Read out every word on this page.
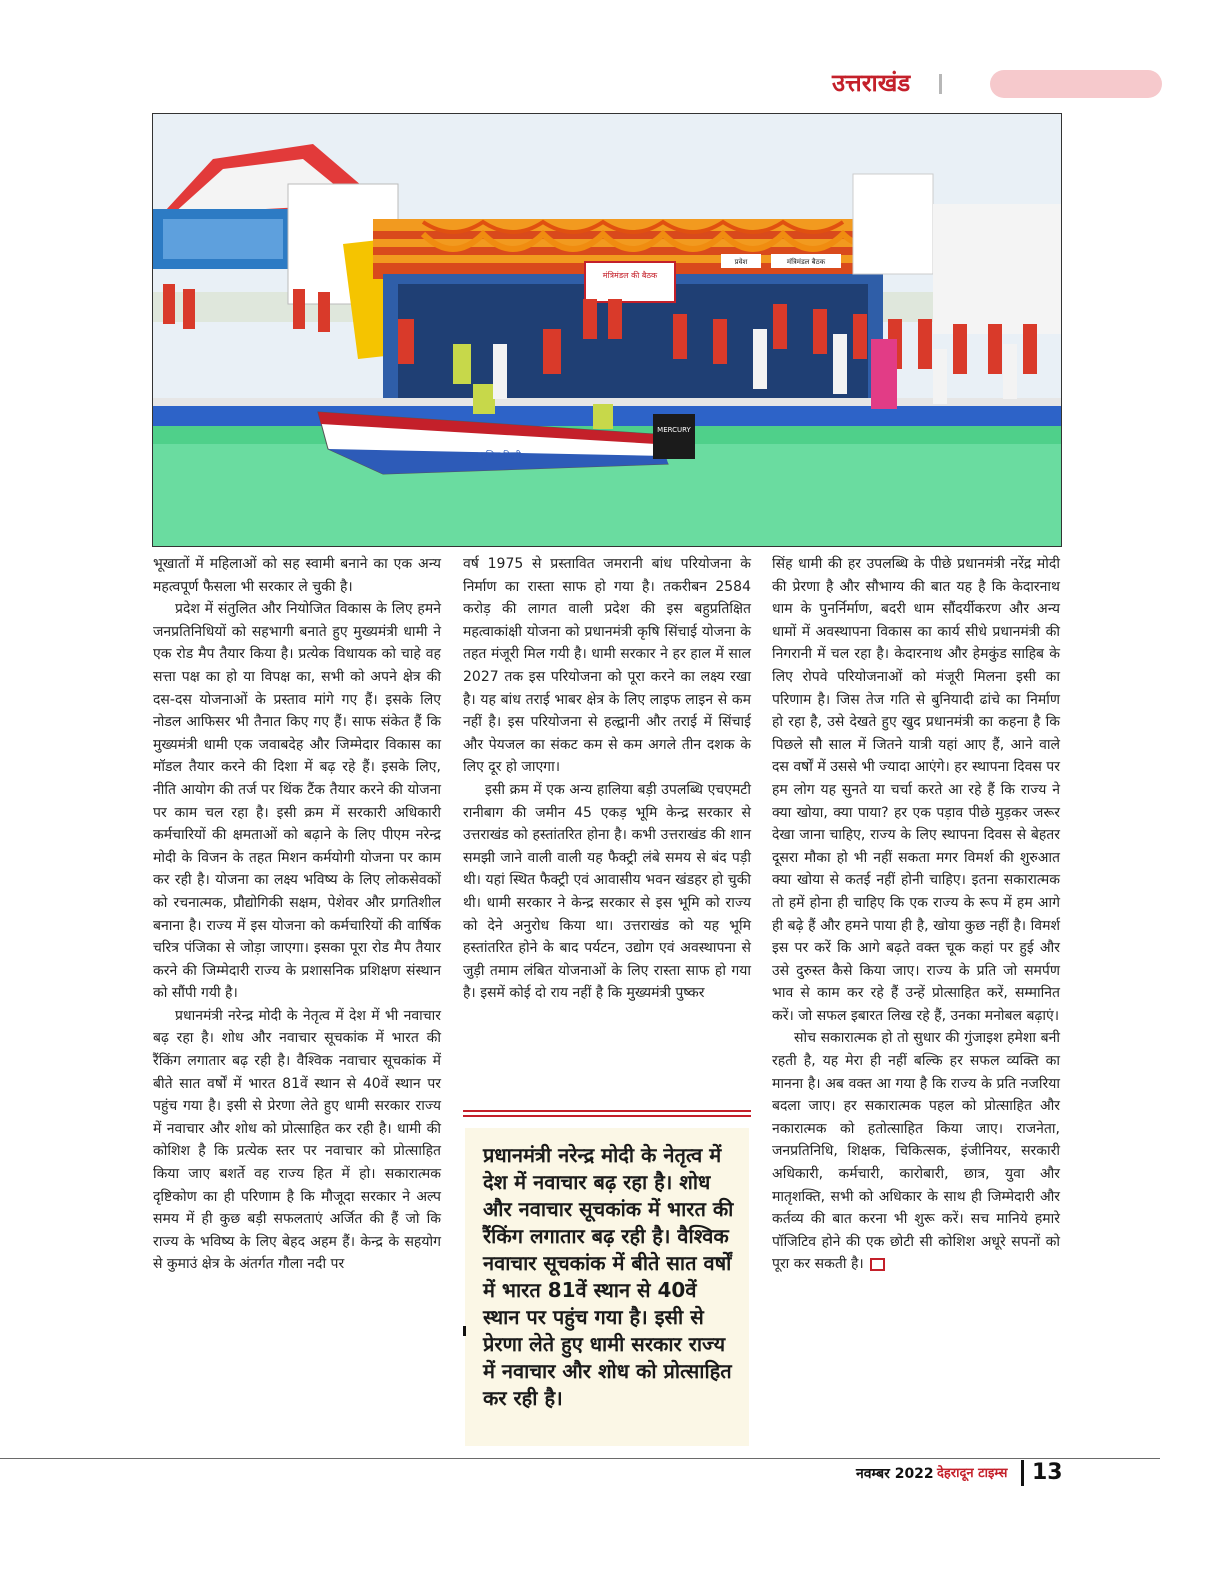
उत्तराखंड
मंत्रिमंडल की बैठक
प्रवेश	मंत्रिमंडल बैठक
MERCURY
जल पुलिस टिहरी

भूखातों में महिलाओं को सह स्वामी बनाने का एक अन्य महत्वपूर्ण फैसला भी सरकार ले चुकी है।

प्रदेश में संतुलित और नियोजित विकास के लिए हमने जनप्रतिनिधियों को सहभागी बनाते हुए मुख्यमंत्री धामी ने एक रोड मैप तैयार किया है। प्रत्येक विधायक को चाहे वह सत्ता पक्ष का हो या विपक्ष का, सभी को अपने क्षेत्र की दस-दस योजनाओं के प्रस्ताव मांगे गए हैं। इसके लिए नोडल आफिसर भी तैनात किए गए हैं। साफ संकेत हैं कि मुख्यमंत्री धामी एक जवाबदेह और जिम्मेदार विकास का मॉडल तैयार करने की दिशा में बढ़ रहे हैं। इसके लिए, नीति आयोग की तर्ज पर थिंक टैंक तैयार करने की योजना पर काम चल रहा है। इसी क्रम में सरकारी अधिकारी कर्मचारियों की क्षमताओं को बढ़ाने के लिए पीएम नरेन्द्र मोदी के विजन के तहत मिशन कर्मयोगी योजना पर काम कर रही है। योजना का लक्ष्य भविष्य के लिए लोकसेवकों को रचनात्मक, प्रौद्योगिकी सक्षम, पेशेवर और प्रगतिशील बनाना है। राज्य में इस योजना को कर्मचारियों की वार्षिक चरित्र पंजिका से जोड़ा जाएगा। इसका पूरा रोड मैप तैयार करने की जिम्मेदारी राज्य के प्रशासनिक प्रशिक्षण संस्थान को सौंपी गयी है।

प्रधानमंत्री नरेन्द्र मोदी के नेतृत्व में देश में भी नवाचार बढ़ रहा है। शोध और नवाचार सूचकांक में भारत की रैंकिंग लगातार बढ़ रही है। वैश्विक नवाचार सूचकांक में बीते सात वर्षों में भारत 81वें स्थान से 40वें स्थान पर पहुंच गया है। इसी से प्रेरणा लेते हुए धामी सरकार राज्य में नवाचार और शोध को प्रोत्साहित कर रही है। धामी की कोशिश है कि प्रत्येक स्तर पर नवाचार को प्रोत्साहित किया जाए बशर्ते वह राज्य हित में हो। सकारात्मक दृष्टिकोण का ही परिणाम है कि मौजूदा सरकार ने अल्प समय में ही कुछ बड़ी सफलताएं अर्जित की हैं जो कि राज्य के भविष्य के लिए बेहद अहम हैं। केन्द्र के सहयोग से कुमाउं क्षेत्र के अंतर्गत गौला नदी पर

वर्ष 1975 से प्रस्तावित जमरानी बांध परियोजना के निर्माण का रास्ता साफ हो गया है। तकरीबन 2584 करोड़ की लागत वाली प्रदेश की इस बहुप्रतिक्षित महत्वाकांक्षी योजना को प्रधानमंत्री कृषि सिंचाई योजना के तहत मंजूरी मिल गयी है। धामी सरकार ने हर हाल में साल 2027 तक इस परियोजना को पूरा करने का लक्ष्य रखा है। यह बांध तराई भाबर क्षेत्र के लिए लाइफ लाइन से कम नहीं है। इस परियोजना से हल्द्वानी और तराई में सिंचाई और पेयजल का संकट कम से कम अगले तीन दशक के लिए दूर हो जाएगा।

इसी क्रम में एक अन्य हालिया बड़ी उपलब्धि एचएमटी रानीबाग की जमीन 45 एकड़ भूमि केन्द्र सरकार से उत्तराखंड को हस्तांतरित होना है। कभी उत्तराखंड की शान समझी जाने वाली वाली यह फैक्ट्री लंबे समय से बंद पड़ी थी। यहां स्थित फैक्ट्री एवं आवासीय भवन खंडहर हो चुकी थी। धामी सरकार ने केन्द्र सरकार से इस भूमि को राज्य को देने अनुरोध किया था। उत्तराखंड को यह भूमि हस्तांतरित होने के बाद पर्यटन, उद्योग एवं अवस्थापना से जुड़ी तमाम लंबित योजनाओं के लिए रास्ता साफ हो गया है। इसमें कोई दो राय नहीं है कि मुख्यमंत्री पुष्कर

प्रधानमंत्री नरेन्द्र मोदी के नेतृत्व में देश में नवाचार बढ़ रहा है। शोध और नवाचार सूचकांक में भारत की रैंकिंग लगातार बढ़ रही है। वैश्विक नवाचार सूचकांक में बीते सात वर्षों में भारत 81वें स्थान से 40वें स्थान पर पहुंच गया है। इसी से प्रेरणा लेते हुए धामी सरकार राज्य में नवाचार और शोध को प्रोत्साहित कर रही है।

सिंह धामी की हर उपलब्धि के पीछे प्रधानमंत्री नरेंद्र मोदी की प्रेरणा है और सौभाग्य की बात यह है कि केदारनाथ धाम के पुनर्निर्माण, बदरी धाम सौंदर्यीकरण और अन्य धामों में अवस्थापना विकास का कार्य सीधे प्रधानमंत्री की निगरानी में चल रहा है। केदारनाथ और हेमकुंड साहिब के लिए रोपवे परियोजनाओं को मंजूरी मिलना इसी का परिणाम है। जिस तेज गति से बुनियादी ढांचे का निर्माण हो रहा है, उसे देखते हुए खुद प्रधानमंत्री का कहना है कि पिछले सौ साल में जितने यात्री यहां आए हैं, आने वाले दस वर्षों में उससे भी ज्यादा आएंगे। हर स्थापना दिवस पर हम लोग यह सुनते या चर्चा करते आ रहे हैं कि राज्य ने क्या खोया, क्या पाया? हर एक पड़ाव पीछे मुड़कर जरूर देखा जाना चाहिए, राज्य के लिए स्थापना दिवस से बेहतर दूसरा मौका हो भी नहीं सकता मगर विमर्श की शुरुआत क्या खोया से कतई नहीं होनी चाहिए। इतना सकारात्मक तो हमें होना ही चाहिए कि एक राज्य के रूप में हम आगे ही बढ़े हैं और हमने पाया ही है, खोया कुछ नहीं है। विमर्श इस पर करें कि आगे बढ़ते वक्त चूक कहां पर हुई और उसे दुरुस्त कैसे किया जाए। राज्य के प्रति जो समर्पण भाव से काम कर रहे हैं उन्हें प्रोत्साहित करें, सम्मानित करें। जो सफल इबारत लिख रहे हैं, उनका मनोबल बढ़ाएं।

सोच सकारात्मक हो तो सुधार की गुंजाइश हमेशा बनी रहती है, यह मेरा ही नहीं बल्कि हर सफल व्यक्ति का मानना है। अब वक्त आ गया है कि राज्य के प्रति नजरिया बदला जाए। हर सकारात्मक पहल को प्रोत्साहित और नकारात्मक को हतोत्साहित किया जाए। राजनेता, जनप्रतिनिधि, शिक्षक, चिकित्सक, इंजीनियर, सरकारी अधिकारी, कर्मचारी, कारोबारी, छात्र, युवा और मातृशक्ति, सभी को अधिकार के साथ ही जिम्मेदारी और कर्तव्य की बात करना भी शुरू करें। सच मानिये हमारे पॉजिटिव होने की एक छोटी सी कोशिश अधूरे सपनों को पूरा कर सकती है।

नवम्बर 2022 देहरादून टाइम्स 13
